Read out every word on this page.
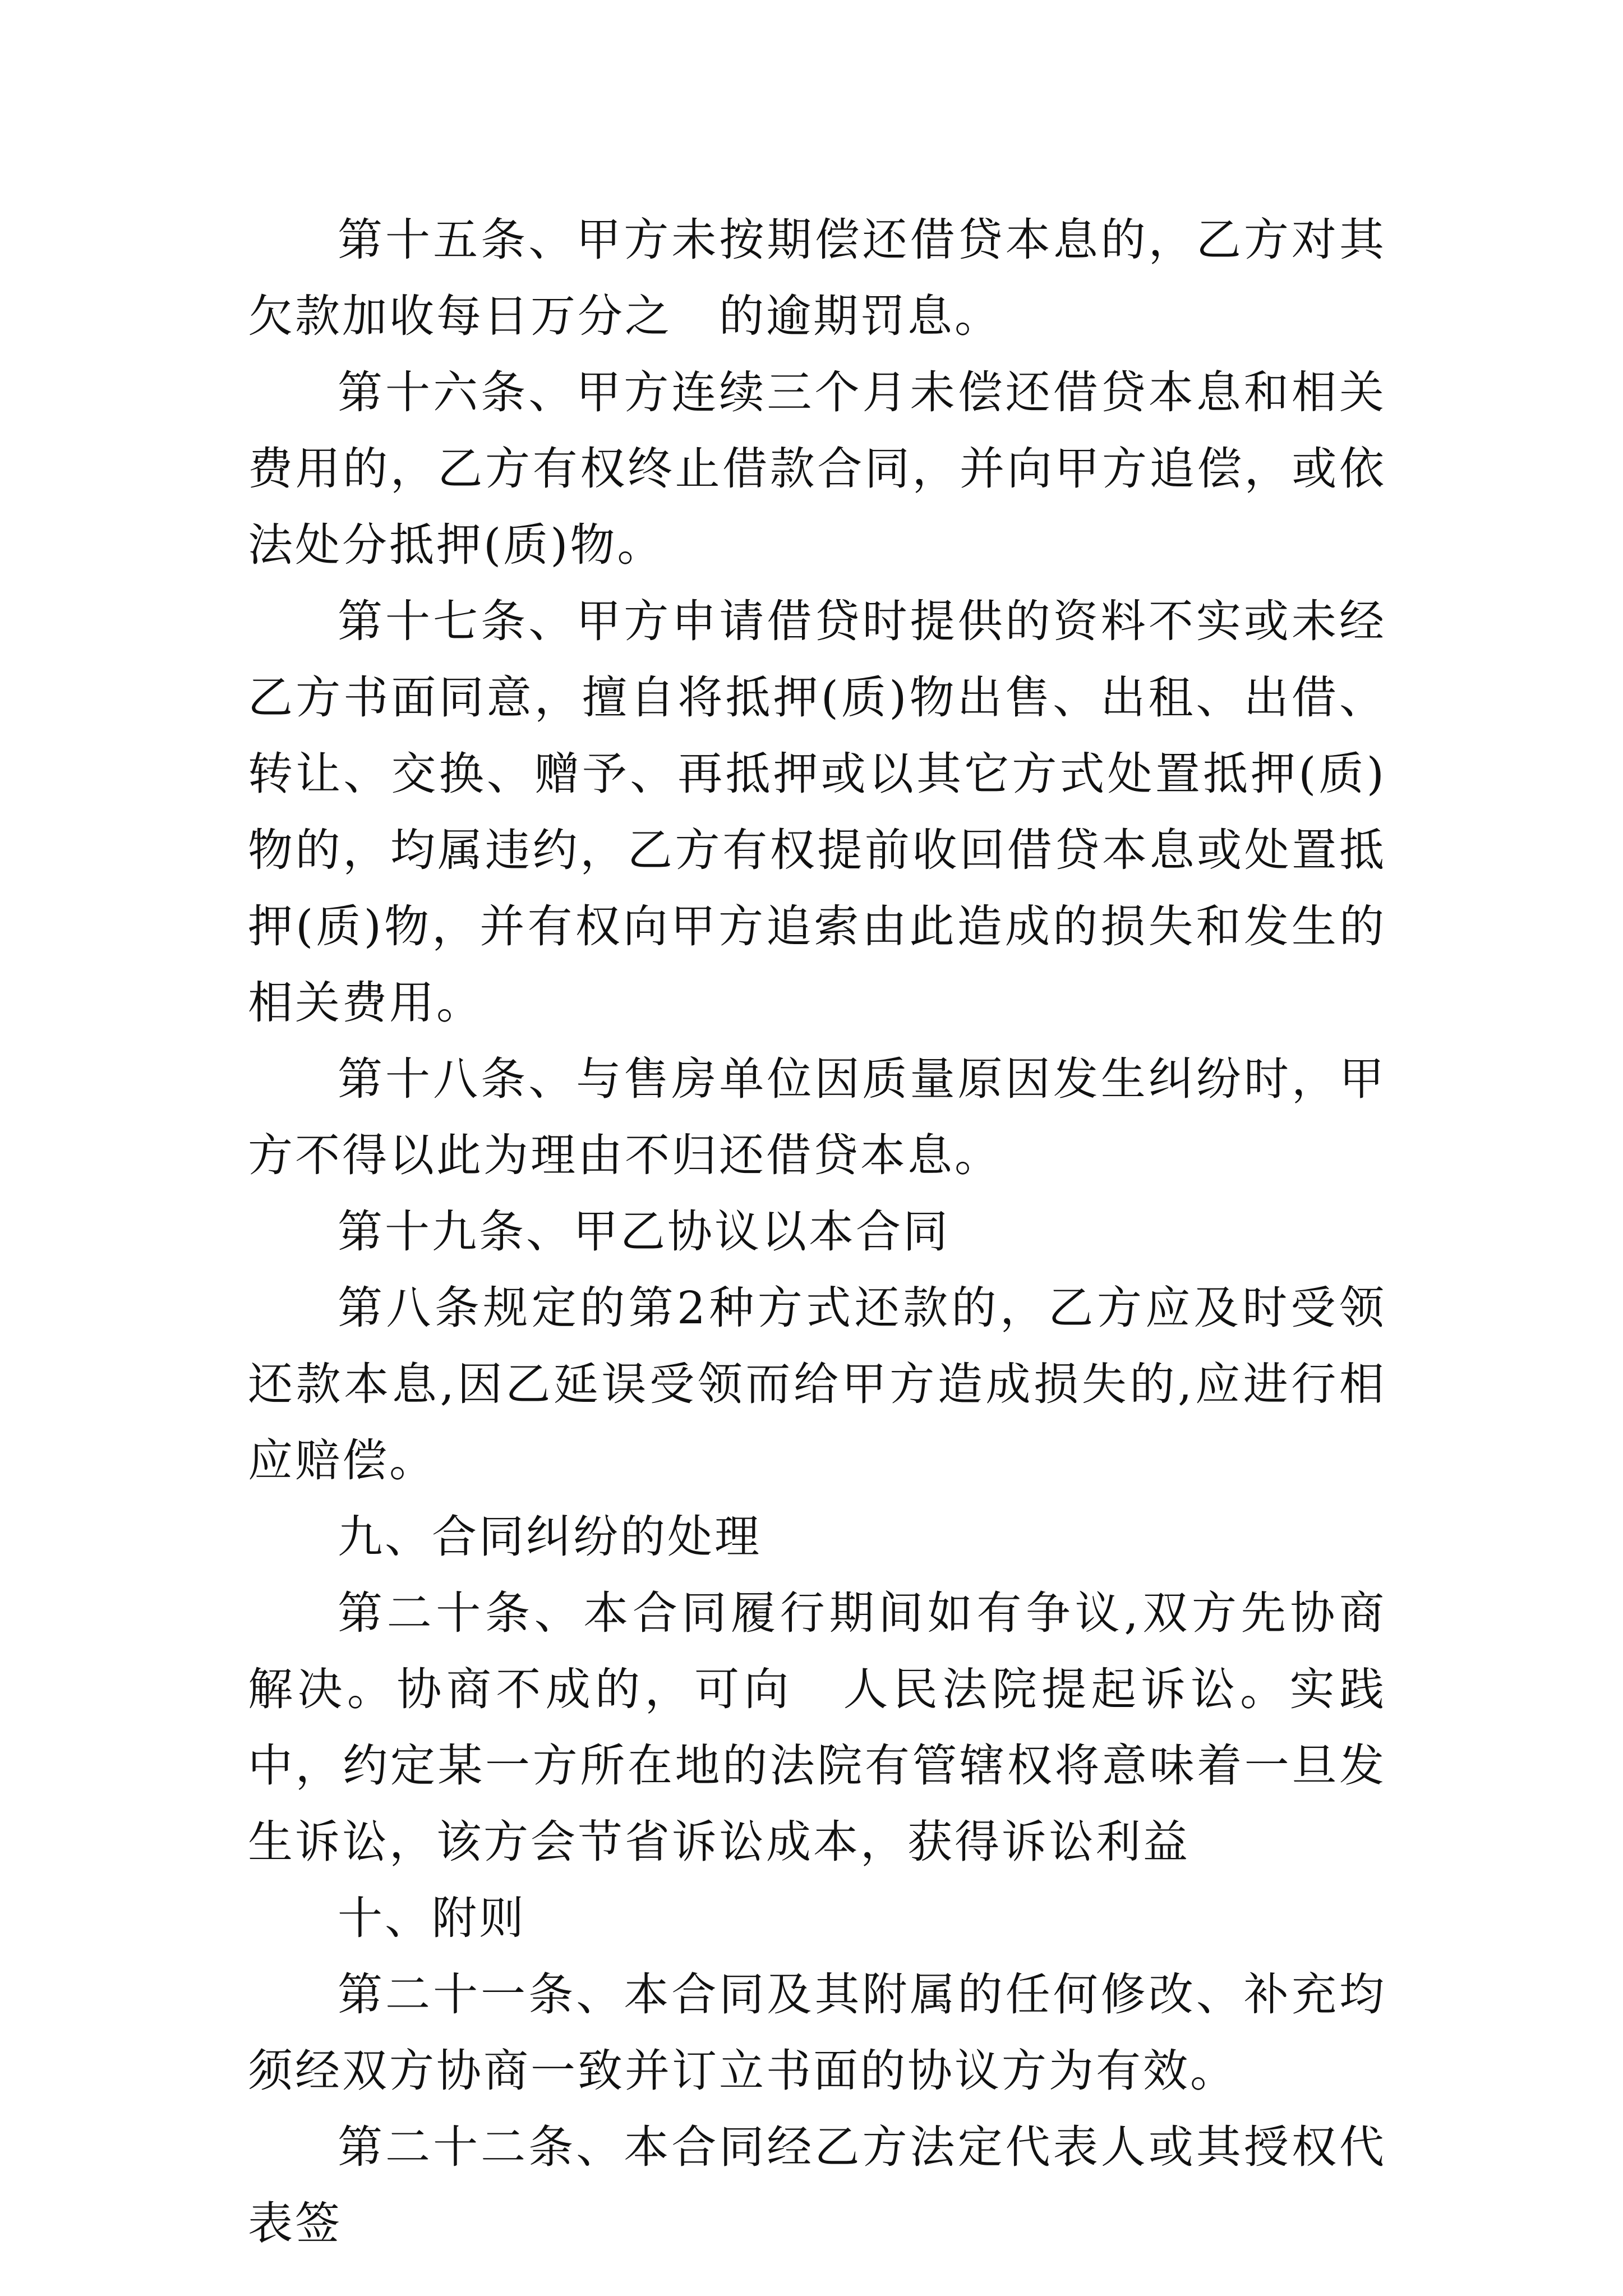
第十五条、甲方未按期偿还借贷本息的，乙方对其欠款加收每日万分之　的逾期罚息。

第十六条、甲方连续三个月未偿还借贷本息和相关费用的，乙方有权终止借款合同，并向甲方追偿，或依法处分抵押(质)物。

第十七条、甲方申请借贷时提供的资料不实或未经乙方书面同意，擅自将抵押(质)物出售、出租、出借、转让、交换、赠予、再抵押或以其它方式处置抵押(质)物的，均属违约，乙方有权提前收回借贷本息或处置抵押(质)物，并有权向甲方追索由此造成的损失和发生的相关费用。

第十八条、与售房单位因质量原因发生纠纷时，甲方不得以此为理由不归还借贷本息。

第十九条、甲乙协议以本合同

第八条规定的第2种方式还款的，乙方应及时受领还款本息,因乙延误受领而给甲方造成损失的,应进行相应赔偿。

九、合同纠纷的处理

第二十条、本合同履行期间如有争议,双方先协商解决。协商不成的，可向　人民法院提起诉讼。实践中，约定某一方所在地的法院有管辖权将意味着一旦发生诉讼，该方会节省诉讼成本，获得诉讼利益

十、附则

第二十一条、本合同及其附属的任何修改、补充均须经双方协商一致并订立书面的协议方为有效。

第二十二条、本合同经乙方法定代表人或其授权代表签
